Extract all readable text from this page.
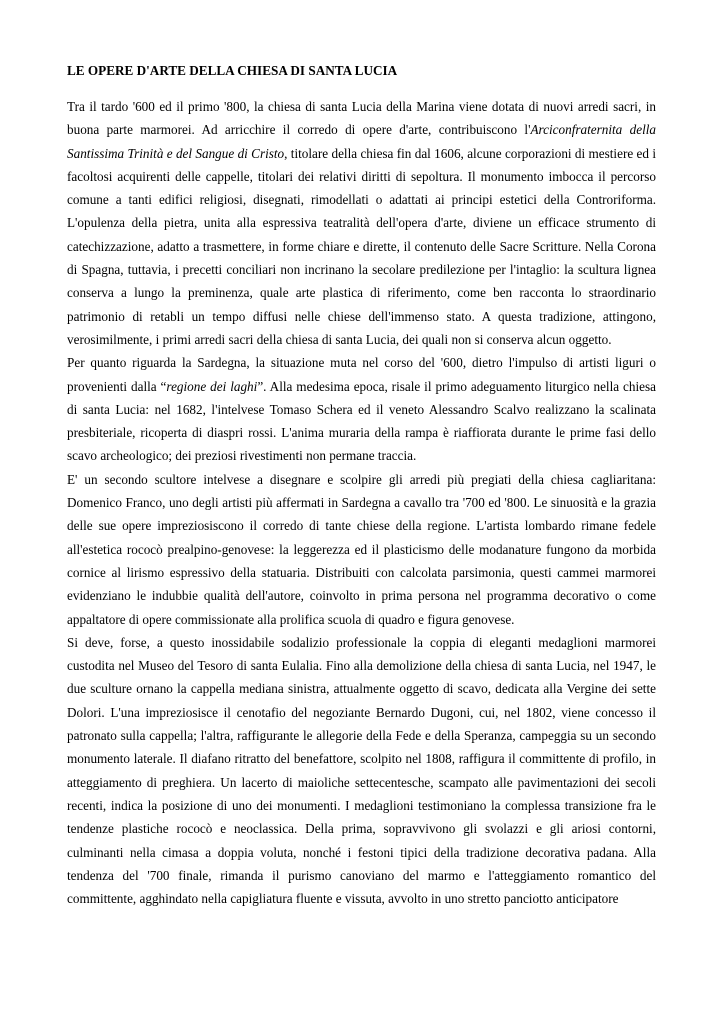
LE OPERE D'ARTE DELLA CHIESA DI SANTA LUCIA

Tra il tardo '600 ed il primo '800, la chiesa di santa Lucia della Marina viene dotata di nuovi arredi sacri, in buona parte marmorei. Ad arricchire il corredo di opere d'arte, contribuiscono l'Arciconfraternita della Santissima Trinità e del Sangue di Cristo, titolare della chiesa fin dal 1606, alcune corporazioni di mestiere ed i facoltosi acquirenti delle cappelle, titolari dei relativi diritti di sepoltura. Il monumento imbocca il percorso comune a tanti edifici religiosi, disegnati, rimodellati o adattati ai principi estetici della Controriforma. L'opulenza della pietra, unita alla espressiva teatralità dell'opera d'arte, diviene un efficace strumento di catechizzazione, adatto a trasmettere, in forme chiare e dirette, il contenuto delle Sacre Scritture. Nella Corona di Spagna, tuttavia, i precetti conciliari non incrinano la secolare predilezione per l'intaglio: la scultura lignea conserva a lungo la preminenza, quale arte plastica di riferimento, come ben racconta lo straordinario patrimonio di retabli un tempo diffusi nelle chiese dell'immenso stato. A questa tradizione, attingono, verosimilmente, i primi arredi sacri della chiesa di santa Lucia, dei quali non si conserva alcun oggetto.

Per quanto riguarda la Sardegna, la situazione muta nel corso del '600, dietro l'impulso di artisti liguri o provenienti dalla “regione dei laghi”. Alla medesima epoca, risale il primo adeguamento liturgico nella chiesa di santa Lucia: nel 1682, l'intelvese Tomaso Schera ed il veneto Alessandro Scalvo realizzano la scalinata presbiteriale, ricoperta di diaspri rossi. L'anima muraria della rampa è riaffiorata durante le prime fasi dello scavo archeologico; dei preziosi rivestimenti non permane traccia.

E' un secondo scultore intelvese a disegnare e scolpire gli arredi più pregiati della chiesa cagliaritana: Domenico Franco, uno degli artisti più affermati in Sardegna a cavallo tra '700 ed '800. Le sinuosità e la grazia delle sue opere impreziosiscono il corredo di tante chiese della regione. L'artista lombardo rimane fedele all'estetica rococò prealpino-genovese: la leggerezza ed il plasticismo delle modanature fungono da morbida cornice al lirismo espressivo della statuaria. Distribuiti con calcolata parsimonia, questi cammei marmorei evidenziano le indubbie qualità dell'autore, coinvolto in prima persona nel programma decorativo o come appaltatore di opere commissionate alla prolifica scuola di quadro e figura genovese.

Si deve, forse, a questo inossidabile sodalizio professionale la coppia di eleganti medaglioni marmorei custodita nel Museo del Tesoro di santa Eulalia. Fino alla demolizione della chiesa di santa Lucia, nel 1947, le due sculture ornano la cappella mediana sinistra, attualmente oggetto di scavo, dedicata alla Vergine dei sette Dolori. L'una impreziosisce il cenotafio del negoziante Bernardo Dugoni, cui, nel 1802, viene concesso il patronato sulla cappella; l'altra, raffigurante le allegorie della Fede e della Speranza, campeggia su un secondo monumento laterale. Il diafano ritratto del benefattore, scolpito nel 1808, raffigura il committente di profilo, in atteggiamento di preghiera. Un lacerto di maioliche settecentesche, scampato alle pavimentazioni dei secoli recenti, indica la posizione di uno dei monumenti. I medaglioni testimoniano la complessa transizione fra le tendenze plastiche rococò e neoclassica. Della prima, sopravvivono gli svolazzi e gli ariosi contorni, culminanti nella cimasa a doppia voluta, nonché i festoni tipici della tradizione decorativa padana. Alla tendenza del '700 finale, rimanda il purismo canoviano del marmo e l'atteggiamento romantico del committente, agghindato nella capigliatura fluente e vissuta, avvolto in uno stretto panciotto anticipatore
